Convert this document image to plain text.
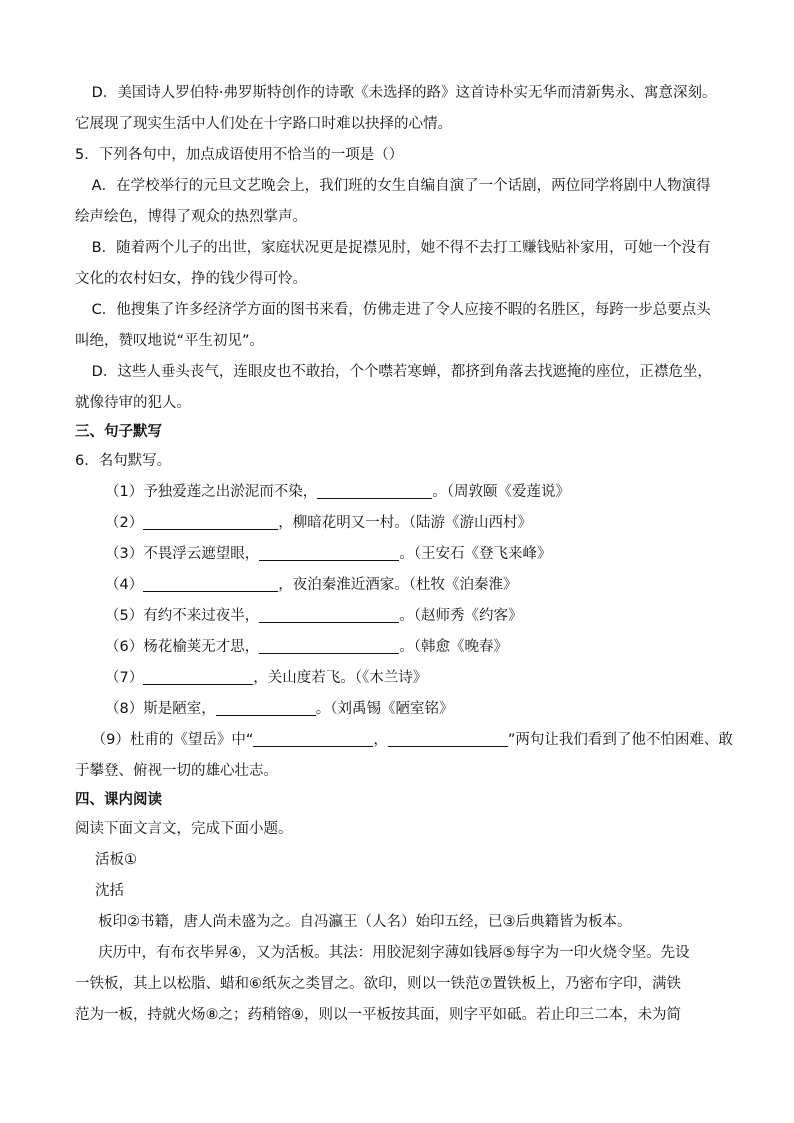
D．美国诗人罗伯特·弗罗斯特创作的诗歌《未选择的路》这首诗朴实无华而清新隽永、寓意深刻。
它展现了现实生活中人们处在十字路口时难以抉择的心情。

5．下列各句中，加点成语使用不恰当的一项是（）

A．在学校举行的元旦文艺晚会上，我们班的女生自编自演了一个话剧，两位同学将剧中人物演得
绘声绘色，博得了观众的热烈掌声。

B．随着两个儿子的出世，家庭状况更是捉襟见肘，她不得不去打工赚钱贴补家用，可她一个没有
文化的农村妇女，挣的钱少得可怜。

C．他搜集了许多经济学方面的图书来看，仿佛走进了令人应接不暇的名胜区，每跨一步总要点头
叫绝，赞叹地说“平生初见”。

D．这些人垂头丧气，连眼皮也不敢抬，个个噤若寒蝉，都挤到角落去找遮掩的座位，正襟危坐，
就像待审的犯人。

三、句子默写

6．名句默写。

（1）予独爱莲之出淤泥而不染，	。（周敦颐《爱莲说》

（2）	，柳暗花明又一村。（陆游《游山西村》

（3）不畏浮云遮望眼，	。（王安石《登飞来峰》

（4）	，夜泊秦淮近酒家。（杜牧《泊秦淮》

（5）有约不来过夜半，	。（赵师秀《约客》

（6）杨花榆荚无才思，	。（韩愈《晚春》

（7）	，关山度若飞。（《木兰诗》

（8）斯是陋室，	。（刘禹锡《陋室铭》

（9）杜甫的《望岳》中“	，	”两句让我们看到了他不怕困难、敢
于攀登、俯视一切的雄心壮志。

四、课内阅读

阅读下面文言文，完成下面小题。

活板①

沈括

板印②书籍，唐人尚未盛为之。自冯瀛王（人名）始印五经，已③后典籍皆为板本。

庆历中，有布衣毕昇④，又为活板。其法：用胶泥刻字薄如钱唇⑤每字为一印火烧令坚。先设
一铁板，其上以松脂、蜡和⑥纸灰之类冒之。欲印，则以一铁范⑦置铁板上，乃密布字印，满铁
范为一板，持就火炀⑧之；药稍镕⑨，则以一平板按其面，则字平如砥。若止印三二本，未为简
